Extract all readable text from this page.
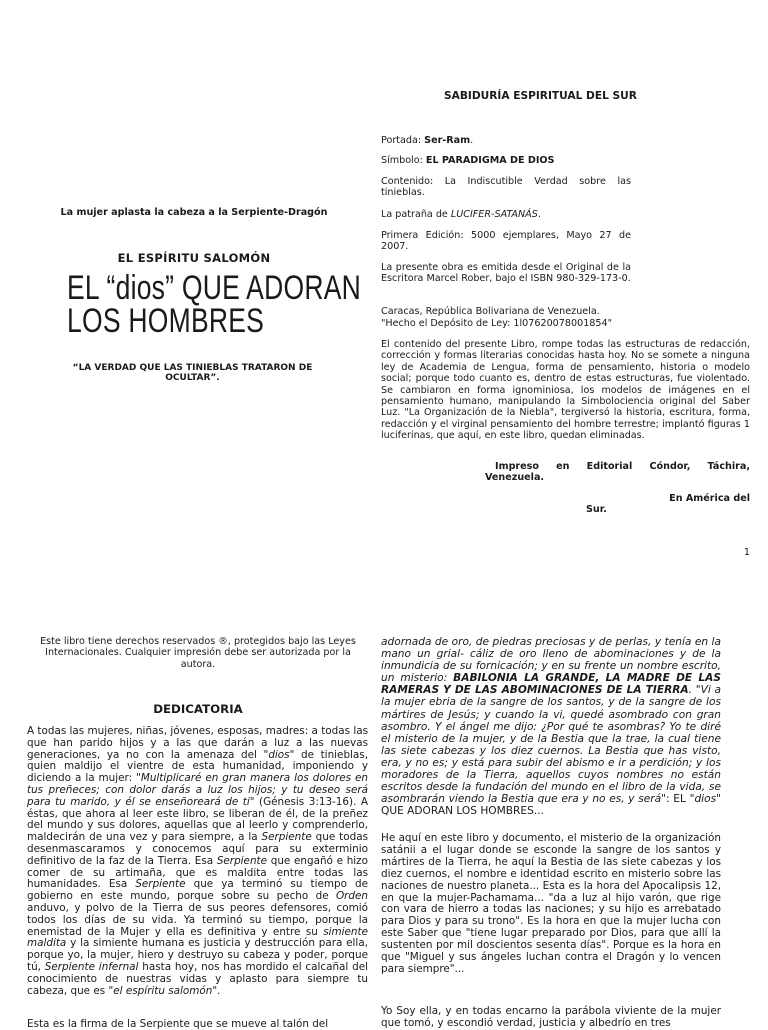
SABIDURÍA ESPIRITUAL DEL SUR
La mujer aplasta la cabeza a la Serpiente-Dragón
EL ESPÍRITU SALOMÓN
EL “dios” QUE ADORAN
LOS HOMBRES
“LA VERDAD QUE LAS TINIEBLAS TRATARON DE OCULTAR”.

Portada: Ser-Ram.

Símbolo: EL PARADIGMA DE DIOS

Contenido: La Indiscutible Verdad sobre las tinieblas.
La patraña de LUCIFER-SATANÁS.
Primera Edición: 5000 ejemplares, Mayo 27 de 2007.
La presente obra es emitida desde el Original de la Escritora Marcel Rober, bajo el ISBN 980-329-173-0.
Caracas, República Bolivariana de Venezuela.
"Hecho el Depósito de Ley: 1l07620078001854"
El contenido del presente Libro, rompe todas las estructuras de redacción, corrección y formas literarias conocidas hasta hoy. No se somete a ninguna ley de Academia de Lengua, forma de pensamiento, historia o modelo social; porque todo cuanto es, dentro de estas estructuras, fue violentado. Se cambiaron en forma ignominiosa, los modelos de imágenes en el pensamiento humano, manipulando la Simbolociencia original del Saber Luz. "La Organización de la Niebla", tergiversó la historia, escritura, forma, redacción y el virginal pensamiento del hombre terrestre; implantó figuras 1 luciferinas, que aquí, en este libro, quedan eliminadas.
Impreso en Editorial Cóndor, Táchira,
Venezuela.
En América del
Sur.
1
Este libro tiene derechos reservados ®, protegidos bajo las Leyes Internacionales. Cualquier impresión debe ser autorizada por la autora.
DEDICATORIA
A todas las mujeres, niñas, jóvenes, esposas, madres: a todas las que han parido hijos y a las que darán a luz a las nuevas generaciones, ya no con la amenaza del "dios" de tinieblas, quien maldijo el vientre de esta humanidad, imponiendo y diciendo a la mujer: "Multiplicaré en gran manera los dolores en tus preñeces; con dolor darás a luz los hijos; y tu deseo será para tu marido, y él se enseñoreará de ti" (Génesis 3:13-16). A éstas, que ahora al leer este libro, se liberan de él, de la preñez del mundo y sus dolores, aquellas que al leerlo y comprenderlo, maldecirán de una vez y para siempre, a la Serpiente que todas desenmascaramos y conocemos aquí para su exterminio definitivo de la faz de la Tierra. Esa Serpiente que engañó e hizo comer de su artimaña, que es maldita entre todas las humanidades. Esa Serpiente que ya terminó su tiempo de gobierno en este mundo, porque sobre su pecho de Orden anduvo, y polvo de la Tierra de sus peores defensores, comió todos los días de su vida. Ya terminó su tiempo, porque la enemistad de la Mujer y ella es definitiva y entre su simiente maldita y la simiente humana es justicia y destrucción para ella, porque yo, la mujer, hiero y destruyo su cabeza y poder, porque tú, Serpiente infernal hasta hoy, nos has mordido el calcañal del conocimiento de nuestras vidas y aplasto para siempre tu cabeza, que es "el espíritu salomón".
Esta es la firma de la Serpiente que se mueve al talón del
adornada de oro, de piedras preciosas y de perlas, y tenía en la mano un grial- cáliz de oro lleno de abominaciones y de la inmundicia de su fornicación; y en su frente un nombre escrito, un misterio: BABILONIA LA GRANDE, LA MADRE DE LAS RAMERAS Y DE LAS ABOMINACIONES DE LA TIERRA. "Vi a la mujer ebria de la sangre de los santos, y de la sangre de los mártires de Jesús; y cuando la vi, quedé asombrado con gran asombro. Y el ángel me dijo: ¿Por qué te asombras? Yo te diré el misterio de la mujer, y de la Bestia que la trae, la cual tiene las siete cabezas y los diez cuernos. La Bestia que has visto, era, y no es; y está para subir del abismo e ir a perdición; y los moradores de la Tierra, aquellos cuyos nombres no están escritos desde la fundación del mundo en el libro de la vida, se asombrarán viendo la Bestia que era y no es, y será": EL "dios" QUE ADORAN LOS HOMBRES...
He aquí en este libro y documento, el misterio de la organización satánii a el lugar donde se esconde la sangre de los santos y mártires de la Tierra, he aquí la Bestia de las siete cabezas y los diez cuernos, el nombre e identidad escrito en misterio sobre las naciones de nuestro planeta... Esta es la hora del Apocalipsis 12, en que la mujer-Pachamama... "da a luz al hijo varón, que rige con vara de hierro a todas las naciones; y su hijo es arrebatado para Dios y para su trono". Es la hora en que la mujer lucha con este Saber que "tiene lugar preparado por Dios, para que allí la sustenten por mil doscientos sesenta días". Porque es la hora en que "Miguel y sus ángeles luchan contra el Dragón y lo vencen para siempre"...
Yo Soy ella, y en todas encarno la parábola viviente de la mujer que tomó, y escondió verdad, justicia y albedrío en tres
